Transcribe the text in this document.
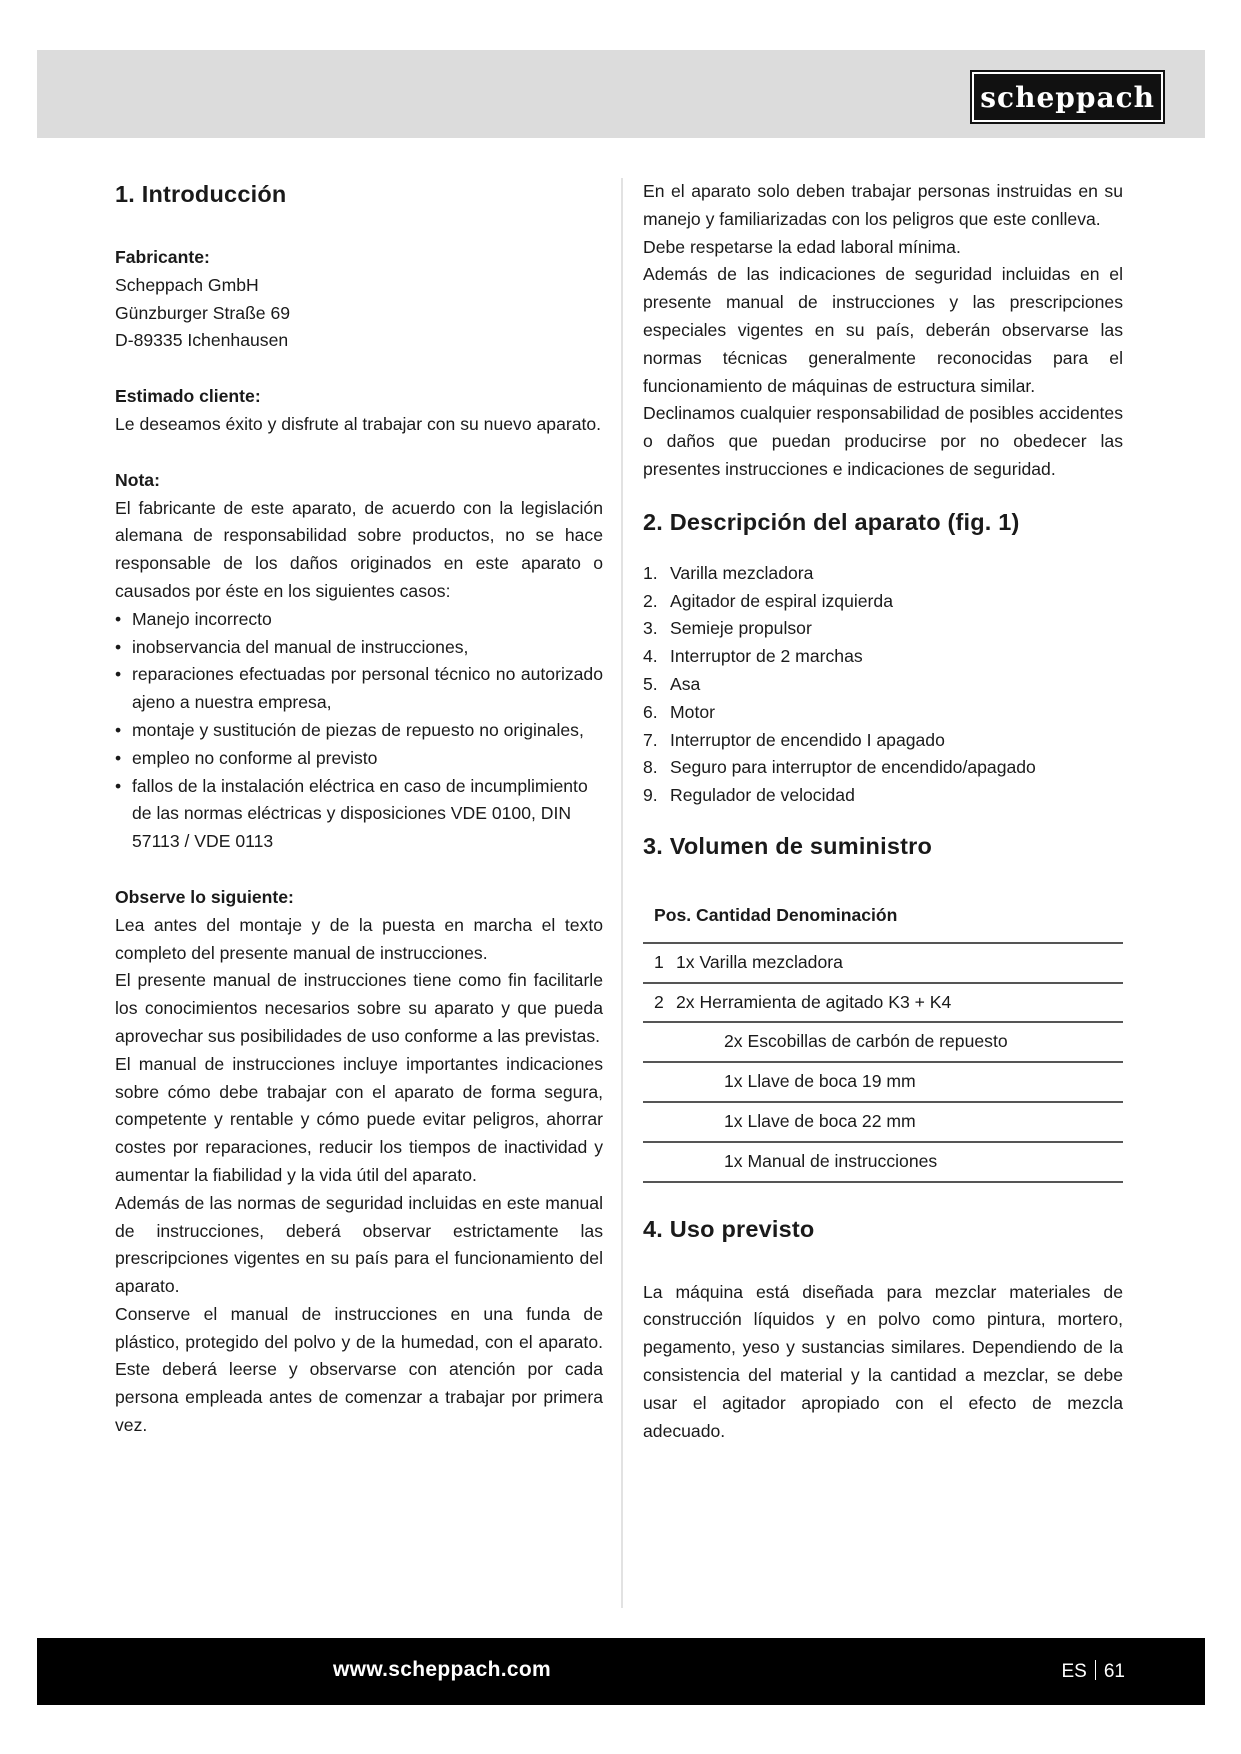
scheppach
1. Introducción

Fabricante:

Scheppach GmbH

Günzburger Straße 69

D-89335 Ichenhausen

Estimado cliente:

Le deseamos éxito y disfrute al trabajar con su nuevo aparato.

Nota:

El fabricante de este aparato, de acuerdo con la legislación alemana de responsabilidad sobre productos, no se hace responsable de los daños originados en este aparato o causados por éste en los siguientes casos:

• Manejo incorrecto
• inobservancia del manual de instrucciones,
• reparaciones efectuadas por personal técnico no autorizado ajeno a nuestra empresa,
• montaje y sustitución de piezas de repuesto no originales,
• empleo no conforme al previsto
• fallos de la instalación eléctrica en caso de incumplimiento de las normas eléctricas y disposiciones VDE 0100, DIN 57113 / VDE 0113

Observe lo siguiente:

Lea antes del montaje y de la puesta en marcha el texto completo del presente manual de instrucciones.

El presente manual de instrucciones tiene como fin facilitarle los conocimientos necesarios sobre su aparato y que pueda aprovechar sus posibilidades de uso conforme a las previstas.

El manual de instrucciones incluye importantes indicaciones sobre cómo debe trabajar con el aparato de forma segura, competente y rentable y cómo puede evitar peligros, ahorrar costes por reparaciones, reducir los tiempos de inactividad y aumentar la fiabilidad y la vida útil del aparato.

Además de las normas de seguridad incluidas en este manual de instrucciones, deberá observar estrictamente las prescripciones vigentes en su país para el funcionamiento del aparato.

Conserve el manual de instrucciones en una funda de plástico, protegido del polvo y de la humedad, con el aparato. Este deberá leerse y observarse con atención por cada persona empleada antes de comenzar a trabajar por primera vez.

En el aparato solo deben trabajar personas instruidas en su manejo y familiarizadas con los peligros que este conlleva.

Debe respetarse la edad laboral mínima.

Además de las indicaciones de seguridad incluidas en el presente manual de instrucciones y las prescripciones especiales vigentes en su país, deberán observarse las normas técnicas generalmente reconocidas para el funcionamiento de máquinas de estructura similar.

Declinamos cualquier responsabilidad de posibles accidentes o daños que puedan producirse por no obedecer las presentes instrucciones e indicaciones de seguridad.

2. Descripción del aparato (fig. 1)
1. Varilla mezcladora
2. Agitador de espiral izquierda
3. Semieje propulsor
4. Interruptor de 2 marchas
5. Asa
6. Motor
7. Interruptor de encendido I apagado
8. Seguro para interruptor de encendido/apagado
9. Regulador de velocidad
3. Volumen de suministro
Pos. Cantidad Denominación
1 1x Varilla mezcladora
2 2x Herramienta de agitado K3 + K4
2x Escobillas de carbón de repuesto
1x Llave de boca 19 mm
1x Llave de boca 22 mm
1x Manual de instrucciones
4. Uso previsto

La máquina está diseñada para mezclar materiales de construcción líquidos y en polvo como pintura, mortero, pegamento, yeso y sustancias similares. Dependiendo de la consistencia del material y la cantidad a mezclar, se debe usar el agitador apropiado con el efecto de mezcla adecuado.

www.scheppach.com	ES 61
